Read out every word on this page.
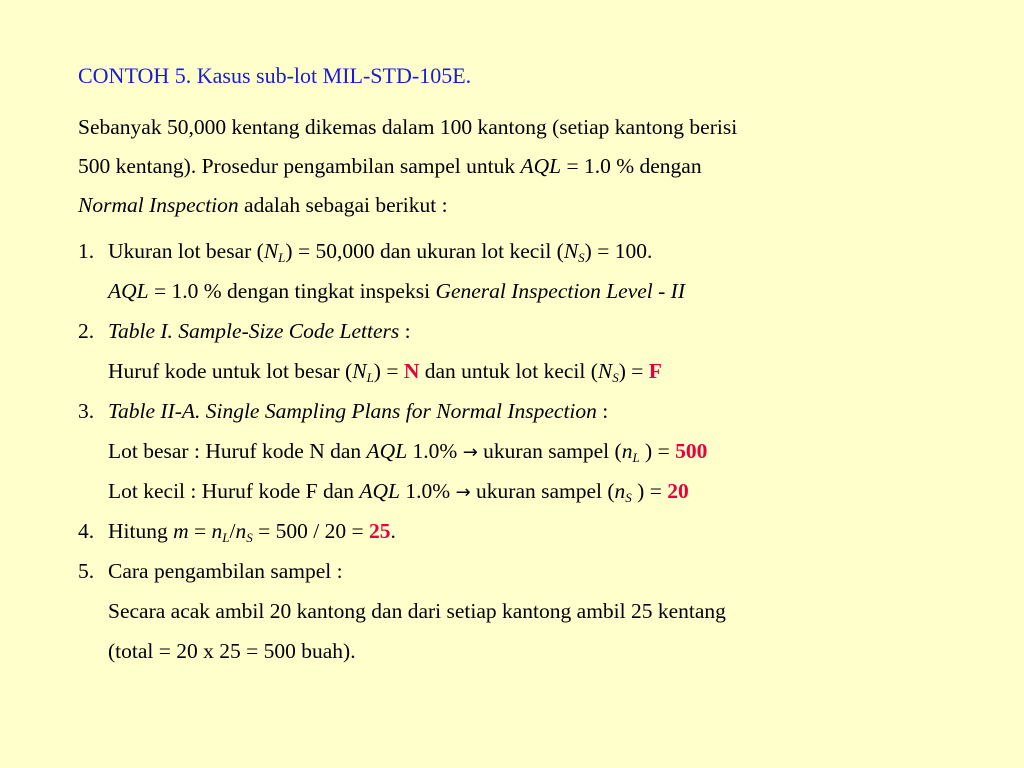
CONTOH 5. Kasus sub-lot MIL-STD-105E.
Sebanyak 50,000 kentang dikemas dalam 100 kantong (setiap kantong berisi
500 kentang). Prosedur pengambilan sampel untuk AQL = 1.0 % dengan
Normal Inspection adalah sebagai berikut :
1. Ukuran lot besar $(N_L) = 50,000$ dan ukuran lot kecil $(N_S) = 100$.
AQL = 1.0 % dengan tingkat inspeksi General Inspection Level - II
2. Table I. Sample-Size Code Letters :
Huruf kode untuk lot besar $(N_L) = N$ dan untuk lot kecil $(N_S) = F$
3. Table II-A. Single Sampling Plans for Normal Inspection :
Lot besar : Huruf kode N dan AQL 1.0% → ukuran sampel ($n_L$ ) = 500
Lot kecil : Huruf kode F dan AQL 1.0% → ukuran sampel ($n_S$ ) = 20
4. Hitung $m = n_L/n_S = 500 / 20 = 25$.
5. Cara pengambilan sampel :
Secara acak ambil 20 kantong dan dari setiap kantong ambil 25 kentang
(total = 20 x 25 = 500 buah).
